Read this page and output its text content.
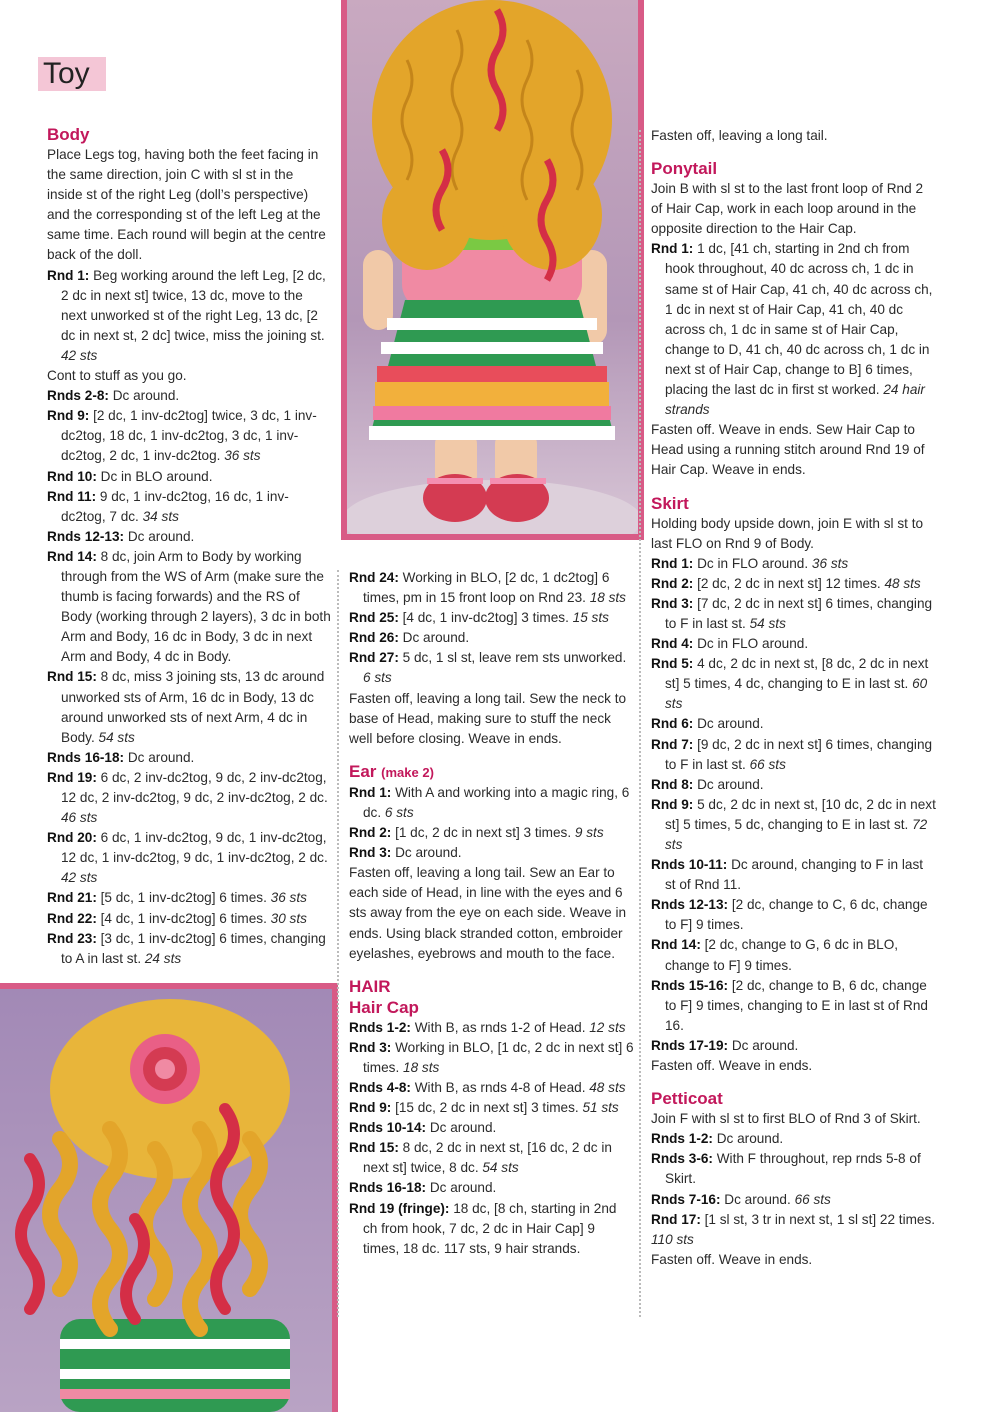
Toy

Body

Place Legs tog, having both the feet facing in the same direction, join C with sl st in the inside st of the right Leg (doll’s perspective) and the corresponding st of the left Leg at the same time. Each round will begin at the centre back of the doll.

Rnd 1: Beg working around the left Leg, [2 dc, 2 dc in next st] twice, 13 dc, move to the next unworked st of the right Leg, 13 dc, [2 dc in next st, 2 dc] twice, miss the joining st. 42 sts

Cont to stuff as you go.

Rnds 2-8: Dc around.

Rnd 9: [2 dc, 1 inv-dc2tog] twice, 3 dc, 1 inv-dc2tog, 18 dc, 1 inv-dc2tog, 3 dc, 1 inv-dc2tog, 2 dc, 1 inv-dc2tog. 36 sts

Rnd 10: Dc in BLO around.

Rnd 11: 9 dc, 1 inv-dc2tog, 16 dc, 1 inv-dc2tog, 7 dc. 34 sts

Rnds 12-13: Dc around.

Rnd 14: 8 dc, join Arm to Body by working through from the WS of Arm (make sure the thumb is facing forwards) and the RS of Body (working through 2 layers), 3 dc in both Arm and Body, 16 dc in Body, 3 dc in next Arm and Body, 4 dc in Body.

Rnd 15: 8 dc, miss 3 joining sts, 13 dc around unworked sts of Arm, 16 dc in Body, 13 dc around unworked sts of next Arm, 4 dc in Body. 54 sts

Rnds 16-18: Dc around.

Rnd 19: 6 dc, 2 inv-dc2tog, 9 dc, 2 inv-dc2tog, 12 dc, 2 inv-dc2tog, 9 dc, 2 inv-dc2tog, 2 dc. 46 sts

Rnd 20: 6 dc, 1 inv-dc2tog, 9 dc, 1 inv-dc2tog, 12 dc, 1 inv-dc2tog, 9 dc, 1 inv-dc2tog, 2 dc. 42 sts

Rnd 21: [5 dc, 1 inv-dc2tog] 6 times. 36 sts

Rnd 22: [4 dc, 1 inv-dc2tog] 6 times. 30 sts

Rnd 23: [3 dc, 1 inv-dc2tog] 6 times, changing to A in last st. 24 sts

Rnd 24: Working in BLO, [2 dc, 1 dc2tog] 6 times, pm in 15 front loop on Rnd 23. 18 sts

Rnd 25: [4 dc, 1 inv-dc2tog] 3 times. 15 sts

Rnd 26: Dc around.

Rnd 27: 5 dc, 1 sl st, leave rem sts unworked. 6 sts

Fasten off, leaving a long tail. Sew the neck to base of Head, making sure to stuff the neck well before closing. Weave in ends.

Ear (make 2)

Rnd 1: With A and working into a magic ring, 6 dc. 6 sts

Rnd 2: [1 dc, 2 dc in next st] 3 times. 9 sts

Rnd 3: Dc around.

Fasten off, leaving a long tail. Sew an Ear to each side of Head, in line with the eyes and 6 sts away from the eye on each side. Weave in ends. Using black stranded cotton, embroider eyelashes, eyebrows and mouth to the face.

HAIR

Hair Cap

Rnds 1-2: With B, as rnds 1-2 of Head. 12 sts

Rnd 3: Working in BLO, [1 dc, 2 dc in next st] 6 times. 18 sts

Rnds 4-8: With B, as rnds 4-8 of Head. 48 sts

Rnd 9: [15 dc, 2 dc in next st] 3 times. 51 sts

Rnds 10-14: Dc around.

Rnd 15: 8 dc, 2 dc in next st, [16 dc, 2 dc in next st] twice, 8 dc. 54 sts

Rnds 16-18: Dc around.

Rnd 19 (fringe): 18 dc, [8 ch, starting in 2nd ch from hook, 7 dc, 2 dc in Hair Cap] 9 times, 18 dc. 117 sts, 9 hair strands.

Fasten off, leaving a long tail.

Ponytail

Join B with sl st to the last front loop of Rnd 2 of Hair Cap, work in each loop around in the opposite direction to the Hair Cap.

Rnd 1: 1 dc, [41 ch, starting in 2nd ch from hook throughout, 40 dc across ch, 1 dc in same st of Hair Cap, 41 ch, 40 dc across ch, 1 dc in next st of Hair Cap, 41 ch, 40 dc across ch, 1 dc in same st of Hair Cap, change to D, 41 ch, 40 dc across ch, 1 dc in next st of Hair Cap, change to B] 6 times, placing the last dc in first st worked. 24 hair strands

Fasten off. Weave in ends. Sew Hair Cap to Head using a running stitch around Rnd 19 of Hair Cap. Weave in ends.

Skirt

Holding body upside down, join E with sl st to last FLO on Rnd 9 of Body.

Rnd 1: Dc in FLO around. 36 sts

Rnd 2: [2 dc, 2 dc in next st] 12 times. 48 sts

Rnd 3: [7 dc, 2 dc in next st] 6 times, changing to F in last st. 54 sts

Rnd 4: Dc in FLO around.

Rnd 5: 4 dc, 2 dc in next st, [8 dc, 2 dc in next st] 5 times, 4 dc, changing to E in last st. 60 sts

Rnd 6: Dc around.

Rnd 7: [9 dc, 2 dc in next st] 6 times, changing to F in last st. 66 sts

Rnd 8: Dc around.

Rnd 9: 5 dc, 2 dc in next st, [10 dc, 2 dc in next st] 5 times, 5 dc, changing to E in last st. 72 sts

Rnds 10-11: Dc around, changing to F in last st of Rnd 11.

Rnds 12-13: [2 dc, change to C, 6 dc, change to F] 9 times.

Rnd 14: [2 dc, change to G, 6 dc in BLO, change to F] 9 times.

Rnds 15-16: [2 dc, change to B, 6 dc, change to F] 9 times, changing to E in last st of Rnd 16.

Rnds 17-19: Dc around.

Fasten off. Weave in ends.

Petticoat

Join F with sl st to first BLO of Rnd 3 of Skirt.

Rnds 1-2: Dc around.

Rnds 3-6: With F throughout, rep rnds 5-8 of Skirt.

Rnds 7-16: Dc around. 66 sts

Rnd 17: [1 sl st, 3 tr in next st, 1 sl st] 22 times. 110 sts

Fasten off. Weave in ends.
